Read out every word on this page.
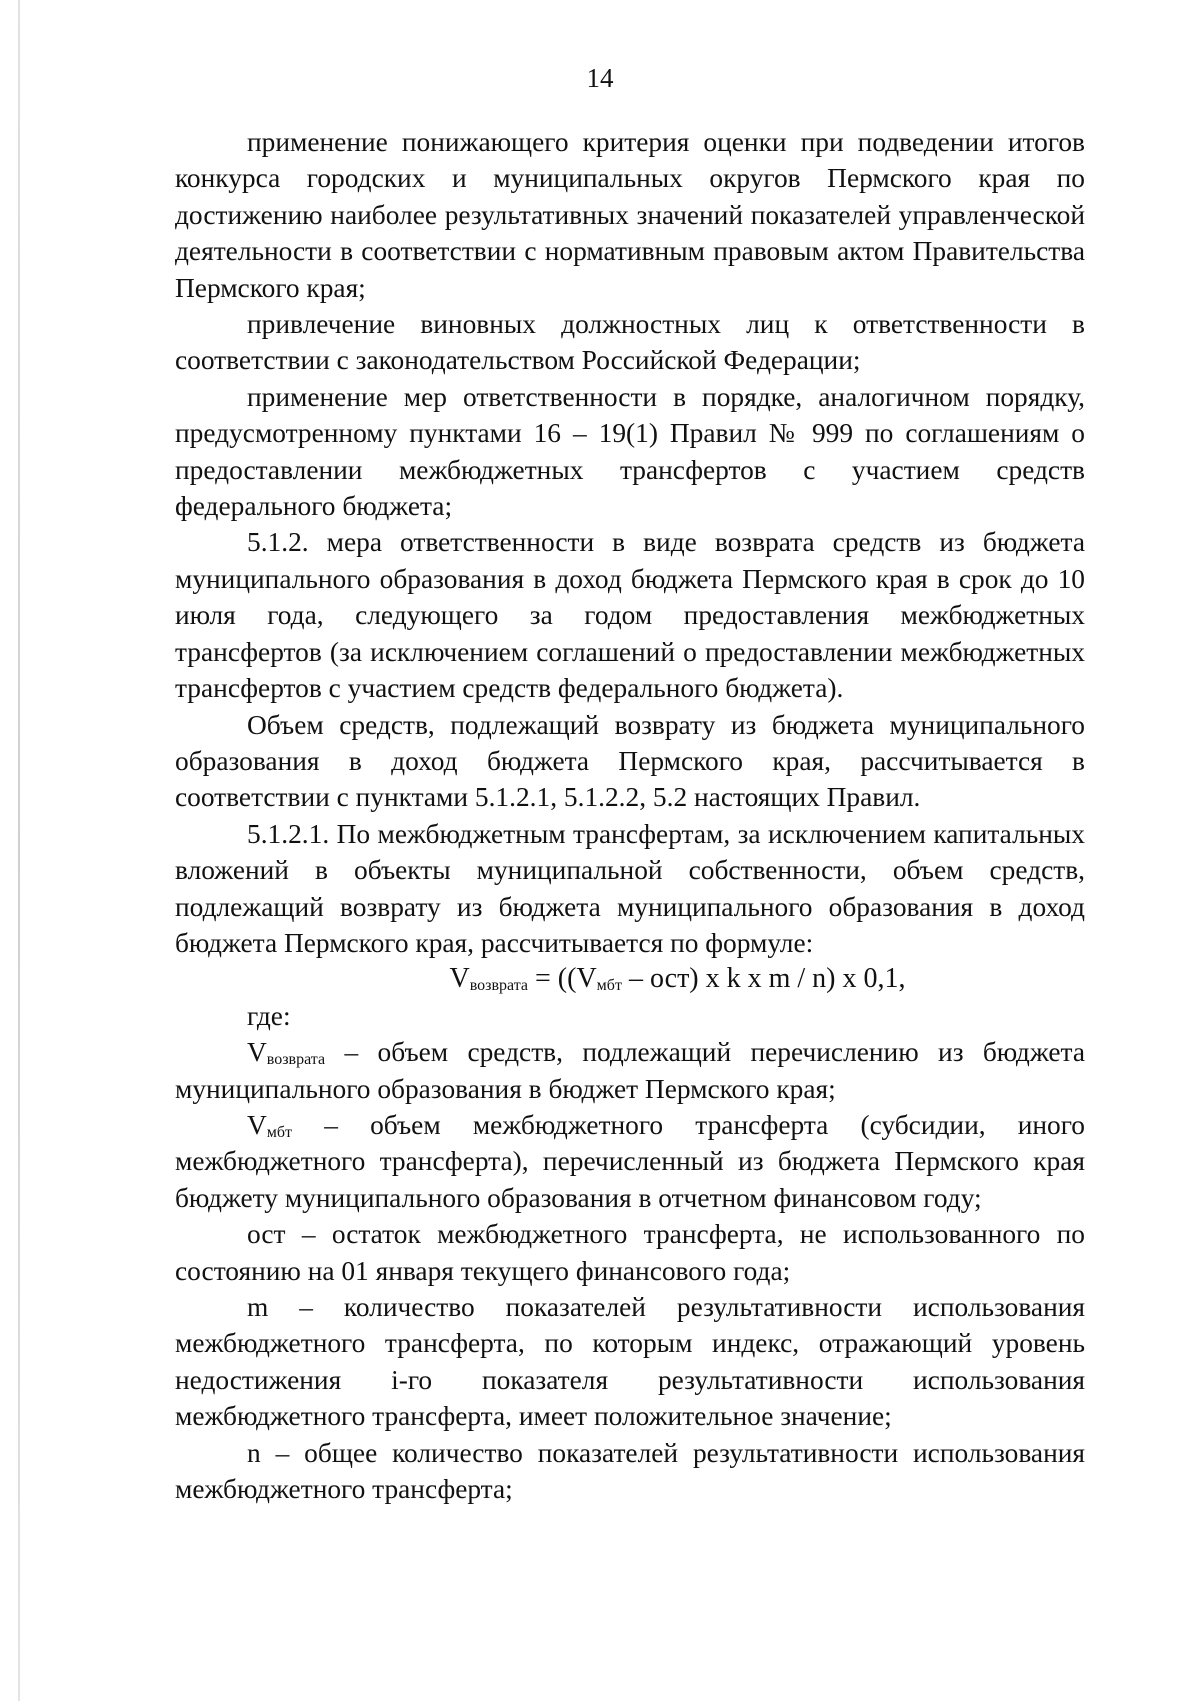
14

применение понижающего критерия оценки при подведении итогов конкурса городских и муниципальных округов Пермского края по достижению наиболее результативных значений показателей управленческой деятельности в соответствии с нормативным правовым актом Правительства Пермского края;

привлечение виновных должностных лиц к ответственности в соответствии с законодательством Российской Федерации;

применение мер ответственности в порядке, аналогичном порядку, предусмотренному пунктами 16 – 19(1) Правил № 999 по соглашениям о предоставлении межбюджетных трансфертов с участием средств федерального бюджета;

5.1.2. мера ответственности в виде возврата средств из бюджета муниципального образования в доход бюджета Пермского края в срок до 10 июля года, следующего за годом предоставления межбюджетных трансфертов (за исключением соглашений о предоставлении межбюджетных трансфертов с участием средств федерального бюджета).

Объем средств, подлежащий возврату из бюджета муниципального образования в доход бюджета Пермского края, рассчитывается в соответствии с пунктами 5.1.2.1, 5.1.2.2, 5.2 настоящих Правил.

5.1.2.1. По межбюджетным трансфертам, за исключением капитальных вложений в объекты муниципальной собственности, объем средств, подлежащий возврату из бюджета муниципального образования в доход бюджета Пермского края, рассчитывается по формуле:

$V_{возврата} = ((V_{мбт} - ост)$ x k x m / n) x 0,1,

где:

$V_{возврата}$ – объем средств, подлежащий перечислению из бюджета муниципального образования в бюджет Пермского края;

$V_{мбт}$ – объем межбюджетного трансферта (субсидии, иного межбюджетного трансферта), перечисленный из бюджета Пермского края бюджету муниципального образования в отчетном финансовом году;

ост – остаток межбюджетного трансферта, не использованного по состоянию на 01 января текущего финансового года;

m – количество показателей результативности использования межбюджетного трансферта, по которым индекс, отражающий уровень недостижения i-го показателя результативности использования межбюджетного трансферта, имеет положительное значение;

n – общее количество показателей результативности использования межбюджетного трансферта;
